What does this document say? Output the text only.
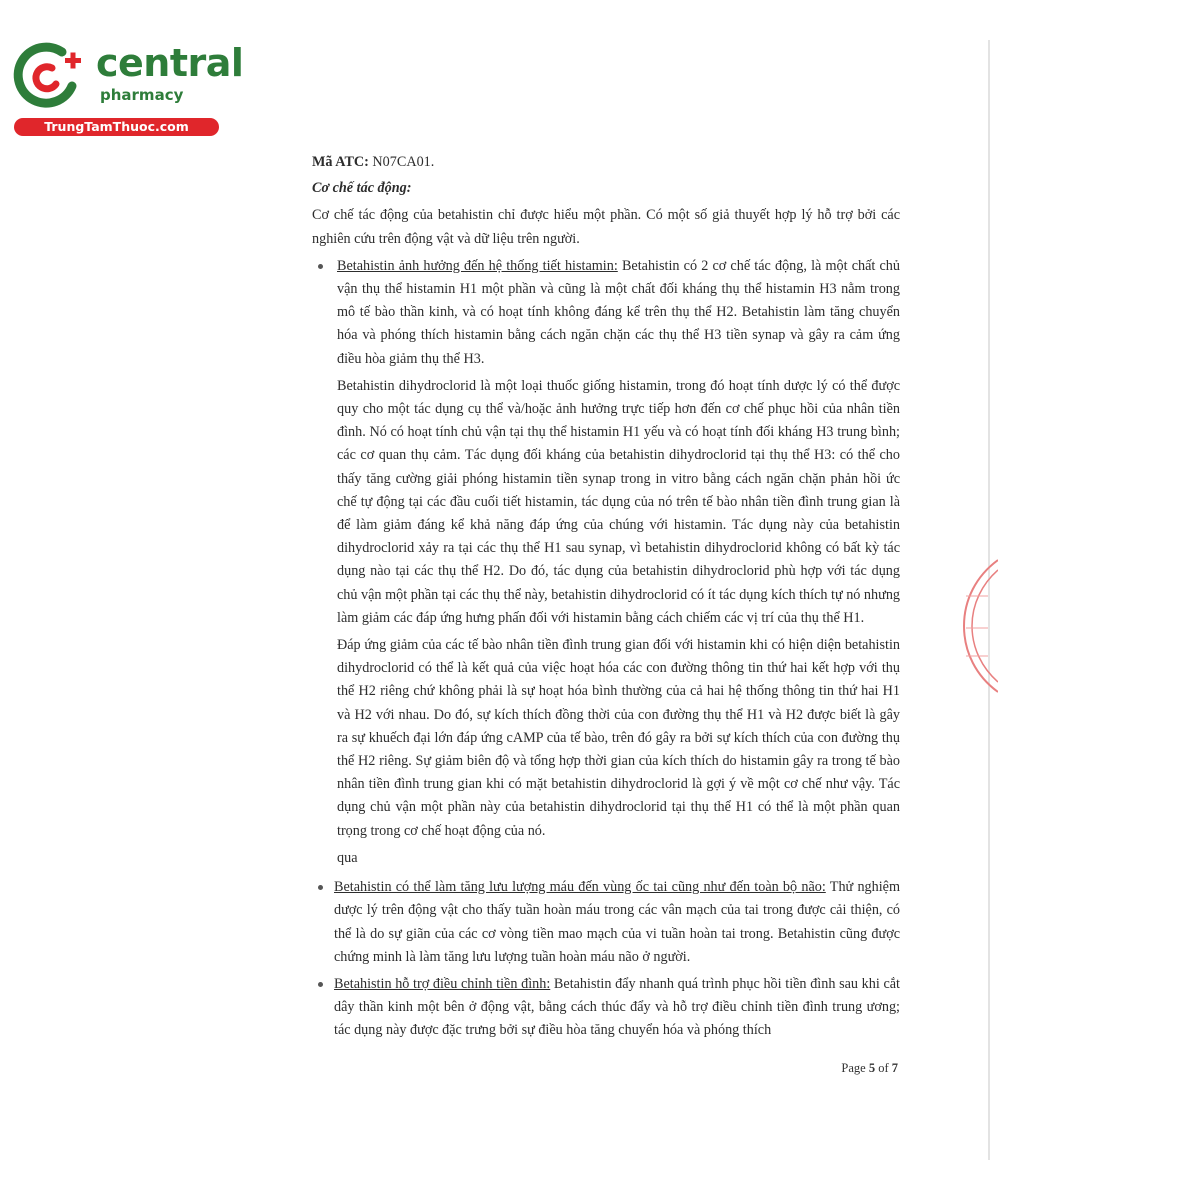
central
pharmacy
TrungTamThuoc.com

Mã ATC: N07CA01.

Cơ chế tác động:

Cơ chế tác động của betahistin chỉ được hiểu một phần. Có một số giả thuyết hợp lý hỗ trợ bởi các nghiên cứu trên động vật và dữ liệu trên người.

Betahistin ảnh hưởng đến hệ thống tiết histamin: Betahistin có 2 cơ chế tác động, là một chất chủ vận thụ thể histamin H1 một phần và cũng là một chất đối kháng thụ thể histamin H3 nằm trong mô tế bào thần kinh, và có hoạt tính không đáng kể trên thụ thể H2. Betahistin làm tăng chuyển hóa và phóng thích histamin bằng cách ngăn chặn các thụ thể H3 tiền synap và gây ra cảm ứng điều hòa giảm thụ thể H3.

Betahistin dihydroclorid là một loại thuốc giống histamin, trong đó hoạt tính dược lý có thể được quy cho một tác dụng cụ thể và/hoặc ảnh hưởng trực tiếp hơn đến cơ chế phục hồi của nhân tiền đình. Nó có hoạt tính chủ vận tại thụ thể histamin H1 yếu và có hoạt tính đối kháng H3 trung bình; các cơ quan thụ cảm. Tác dụng đối kháng của betahistin dihydroclorid tại thụ thể H3: có thể cho thấy tăng cường giải phóng histamin tiền synap trong in vitro bằng cách ngăn chặn phản hồi ức chế tự động tại các đầu cuối tiết histamin, tác dụng của nó trên tế bào nhân tiền đình trung gian là để làm giảm đáng kể khả năng đáp ứng của chúng với histamin. Tác dụng này của betahistin dihydroclorid xảy ra tại các thụ thể H1 sau synap, vì betahistin dihydroclorid không có bất kỳ tác dụng nào tại các thụ thể H2. Do đó, tác dụng của betahistin dihydroclorid phù hợp với tác dụng chủ vận một phần tại các thụ thể này, betahistin dihydroclorid có ít tác dụng kích thích tự nó nhưng làm giảm các đáp ứng hưng phấn đối với histamin bằng cách chiếm các vị trí của thụ thể H1.

Đáp ứng giảm của các tế bào nhân tiền đình trung gian đối với histamin khi có hiện diện betahistin dihydroclorid có thể là kết quả của việc hoạt hóa các con đường thông tin thứ hai kết hợp với thụ thể H2 riêng chứ không phải là sự hoạt hóa bình thường của cả hai hệ thống thông tin thứ hai H1 và H2 với nhau. Do đó, sự kích thích đồng thời của con đường thụ thể H1 và H2 được biết là gây ra sự khuếch đại lớn đáp ứng cAMP của tế bào, trên đó gây ra bởi sự kích thích của con đường thụ thể H2 riêng. Sự giảm biên độ và tổng hợp thời gian của kích thích do histamin gây ra trong tế bào nhân tiền đình trung gian khi có mặt betahistin dihydroclorid là gợi ý về một cơ chế như vậy. Tác dụng chủ vận một phần này của betahistin dihydroclorid tại thụ thể H1 có thể là một phần quan trọng trong cơ chế hoạt động của nó.

qua

Betahistin có thể làm tăng lưu lượng máu đến vùng ốc tai cũng như đến toàn bộ não: Thử nghiệm dược lý trên động vật cho thấy tuần hoàn máu trong các vân mạch của tai trong được cải thiện, có thể là do sự giãn của các cơ vòng tiền mao mạch của vi tuần hoàn tai trong. Betahistin cũng được chứng minh là làm tăng lưu lượng tuần hoàn máu não ở người.

Betahistin hỗ trợ điều chỉnh tiền đình: Betahistin đẩy nhanh quá trình phục hồi tiền đình sau khi cắt dây thần kinh một bên ở động vật, bằng cách thúc đẩy và hỗ trợ điều chỉnh tiền đình trung ương; tác dụng này được đặc trưng bởi sự điều hòa tăng chuyển hóa và phóng thích

Page 5 of 7
